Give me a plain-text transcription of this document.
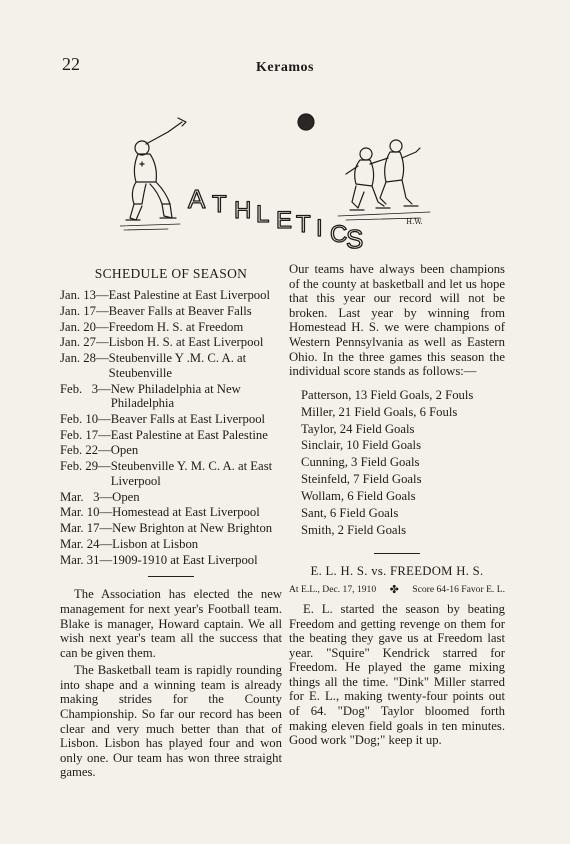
22	Keramos
H.W.
A T H L E T I C
S
SCHEDULE OF SEASON
Jan. 13— East Palestine at East Liverpool
Jan. 17— Beaver Falls at Beaver Falls
Jan. 20— Freedom H. S. at Freedom
Jan. 27— Lisbon H. S. at East Liverpool
Jan. 28— Steubenville Y .M. C. A. at Steubenville
Feb.   3— New Philadelphia at New Philadelphia
Feb. 10— Beaver Falls at East Liverpool
Feb. 17— East Palestine at East Palestine
Feb. 22— Open
Feb. 29— Steubenville Y. M. C. A. at East Liverpool
Mar.   3— Open
Mar. 10— Homestead at East Liverpool
Mar. 17— New Brighton at New Brighton
Mar. 24— Lisbon at Lisbon
Mar. 31— 1909-1910 at East Liverpool

The Association has elected the new management for next year's Football team. Blake is manager, Howard captain. We all wish next year's team all the success that can be given them.

The Basketball team is rapidly rounding into shape and a winning team is already making strides for the County Championship. So far our record has been clear and very much better than that of Lisbon. Lisbon has played four and won only one. Our team has won three straight games.

Our teams have always been champions of the county at basketball and let us hope that this year our record will not be broken. Last year by winning from Homestead H. S. we were champions of Western Pennsylvania as well as Eastern Ohio. In the three games this season the individual score stands as follows:—

Patterson, 13 Field Goals, 2 Fouls
Miller, 21 Field Goals, 6 Fouls
Taylor, 24 Field Goals
Sinclair, 10 Field Goals
Cunning, 3 Field Goals
Steinfeld, 7 Field Goals
Wollam, 6 Field Goals
Sant, 6 Field Goals
Smith, 2 Field Goals
E. L. H. S. vs. FREEDOM H. S.
At E.L., Dec. 17, 1910 ✤ Score 64-16 Favor E. L.

E. L. started the season by beating Freedom and getting revenge on them for the beating they gave us at Freedom last year. "Squire" Kendrick starred for Freedom. He played the game mixing things all the time. "Dink" Miller starred for E. L., making twenty-four points out of 64. "Dog" Taylor bloomed forth making eleven field goals in ten minutes. Good work "Dog;" keep it up.
